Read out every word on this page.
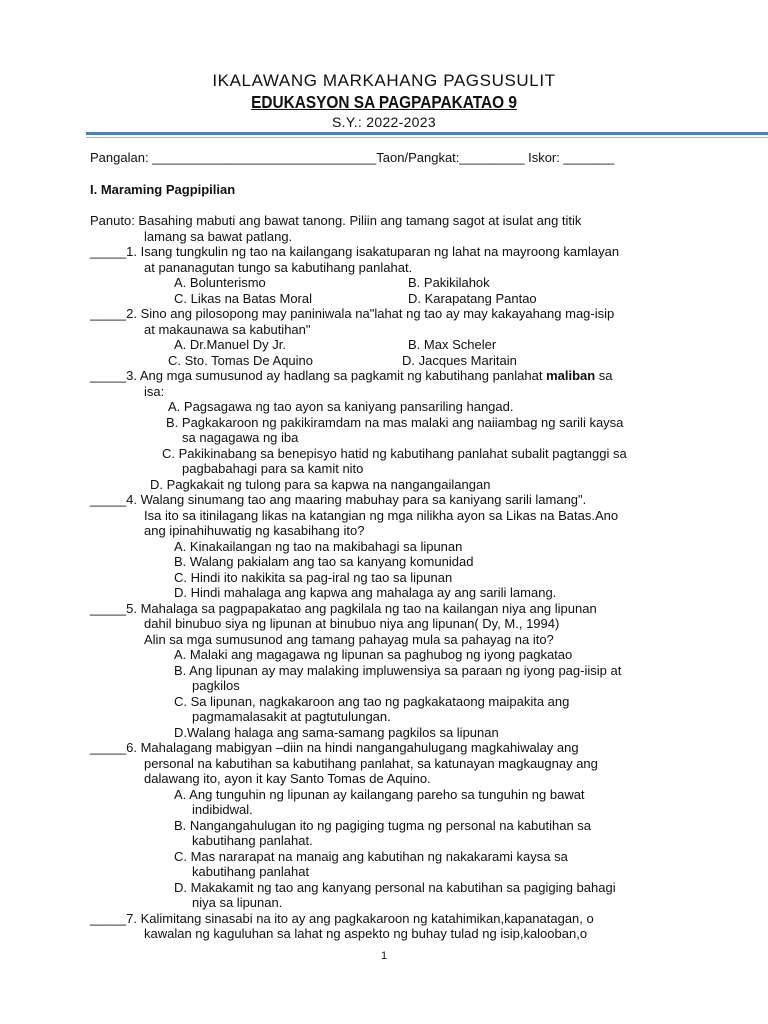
IKALAWANG MARKAHANG PAGSUSULIT
EDUKASYON SA PAGPAPAKATAO 9
S.Y.: 2022-2023
Pangalan: _______________________________Taon/Pangkat:_________ Iskor: _______
I. Maraming Pagpipilian
Panuto: Basahing mabuti ang bawat tanong. Piliin ang tamang sagot at isulat ang titik
lamang sa bawat patlang.
_____1. Isang tungkulin ng tao na kailangang isakatuparan ng lahat na mayroong kamlayan
at pananagutan tungo sa kabutihang panlahat.
A. Bolunterismo	B. Pakikilahok
C. Likas na Batas Moral	D. Karapatang Pantao
_____2. Sino ang pilosopong may paniniwala na"lahat ng tao ay may kakayahang mag-isip
at makaunawa sa kabutihan"
A. Dr.Manuel Dy Jr.	B. Max Scheler
C. Sto. Tomas De Aquino	D. Jacques Maritain
_____3. Ang mga sumusunod ay hadlang sa pagkamit ng kabutihang panlahat maliban sa
isa:
A. Pagsagawa ng tao ayon sa kaniyang pansariling hangad.
B. Pagkakaroon ng pakikiramdam na mas malaki ang naiiambag ng sarili kaysa
sa nagagawa ng iba
C. Pakikinabang sa benepisyo hatid ng kabutihang panlahat subalit pagtanggi sa
pagbabahagi para sa kamit nito
D. Pagkakait ng tulong para sa kapwa na nangangailangan
_____4. Walang sinumang tao ang maaring mabuhay para sa kaniyang sarili lamang".
Isa ito sa itinilagang likas na katangian ng mga nilikha ayon sa Likas na Batas.Ano
ang ipinahihuwatig ng kasabihang ito?
A. Kinakailangan ng tao na makibahagi sa lipunan
B. Walang pakialam ang tao sa kanyang komunidad
C. Hindi ito nakikita sa pag-iral ng tao sa lipunan
D. Hindi mahalaga ang kapwa ang mahalaga ay ang sarili lamang.
_____5. Mahalaga sa pagpapakatao ang pagkilala ng tao na kailangan niya ang lipunan
dahil binubuo siya ng lipunan at binubuo niya ang lipunan( Dy, M., 1994)
Alin sa mga sumusunod ang tamang pahayag mula sa pahayag na ito?
A. Malaki ang magagawa ng lipunan sa paghubog ng iyong pagkatao
B. Ang lipunan ay may malaking impluwensiya sa paraan ng iyong pag-iisip at
pagkilos
C. Sa lipunan, nagkakaroon ang tao ng pagkakataong maipakita ang
pagmamalasakit at pagtutulungan.
D.Walang halaga ang sama-samang pagkilos sa lipunan
_____6. Mahalagang mabigyan –diin na hindi nangangahulugang magkahiwalay ang
personal na kabutihan sa kabutihang panlahat, sa katunayan magkaugnay ang
dalawang ito, ayon it kay Santo Tomas de Aquino.
A. Ang tunguhin ng lipunan ay kailangang pareho sa tunguhin ng bawat
indibidwal.
B. Nangangahulugan ito ng pagiging tugma ng personal na kabutihan sa
kabutihang panlahat.
C. Mas nararapat na manaig ang kabutihan ng nakakarami kaysa sa
kabutihang panlahat
D. Makakamit ng tao ang kanyang personal na kabutihan sa pagiging bahagi
niya sa lipunan.
_____7. Kalimitang sinasabi na ito ay ang pagkakaroon ng katahimikan,kapanatagan, o
kawalan ng kaguluhan sa lahat ng aspekto ng buhay tulad ng isip,kalooban,o
1
